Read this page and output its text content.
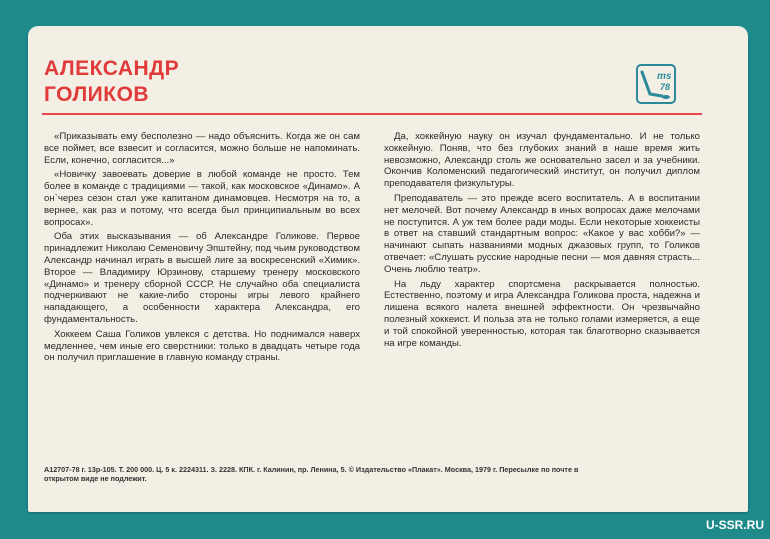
АЛЕКСАНДР
ГОЛИКОВ
ms
78

«Приказывать ему бесполезно — надо объяснить. Когда же он сам все поймет, все взвесит и согласится, можно больше не напоминать. Если, конечно, согласится...»

«Новичку завоевать доверие в любой команде не просто. Тем более в команде с традициями — такой, как московское «Динамо». А он`через сезон стал уже капитаном динамовцев. Несмотря на то, а вернее, как раз и потому, что всегда был принципиальным во всех вопросах».

Оба этих высказывания — об Александре Голикове. Первое принадлежит Николаю Семеновичу Эпштейну, под чьим руководством Александр начинал играть в высшей лиге за воскресенский «Химик». Второе — Владимиру Юрзинову, старшему тренеру московского «Динамо» и тренеру сборной СССР. Не случайно оба специалиста подчеркивают не какие-либо стороны игры левого крайнего нападающего, а особенности характера Александра, его фундаментальность.

Хоккеем Саша Голиков увлекся с детства. Но поднимался наверх медленнее, чем иные его сверстники: только в двадцать четыре года он получил приглашение в главную команду страны.

Да, хоккейную науку он изучал фундаментально. И не только хоккейную. Поняв, что без глубоких знаний в наше время жить невозможно, Александр столь же основательно засел и за учебники. Окончив Коломенский педагогический институт, он получил диплом преподавателя физкультуры.

Преподаватель — это прежде всего воспитатель. А в воспитании нет мелочей. Вот почему Александр в иных вопросах даже мелочами не поступится. А уж тем более ради моды. Если некоторые хоккеисты в ответ на ставший стандартным вопрос: «Какое у вас хобби?» — начинают сыпать названиями модных джазовых групп, то Голиков отвечает: «Слушать русские народные песни — моя давняя страсть... Очень люблю театр».

На льду характер спортсмена раскрывается полностью. Естественно, поэтому и игра Александра Голикова проста, надежна и лишена всякого налета внешней эффектности. Он чрезвычайно полезный хоккеист. И польза эта не только голами измеряется, а еще и той спокойной уверенностью, которая так благотворно сказывается на игре команды.

А12707-78 г. 13р-105. Т. 200 000. Ц. 5 к. 2224311. З. 2228. КПК. г. Калинин, пр. Ленина, 5. © Издательство «Плакат». Москва, 1979 г. Пересылке по почте в
открытом виде не подлежит.
U-SSR.RU
